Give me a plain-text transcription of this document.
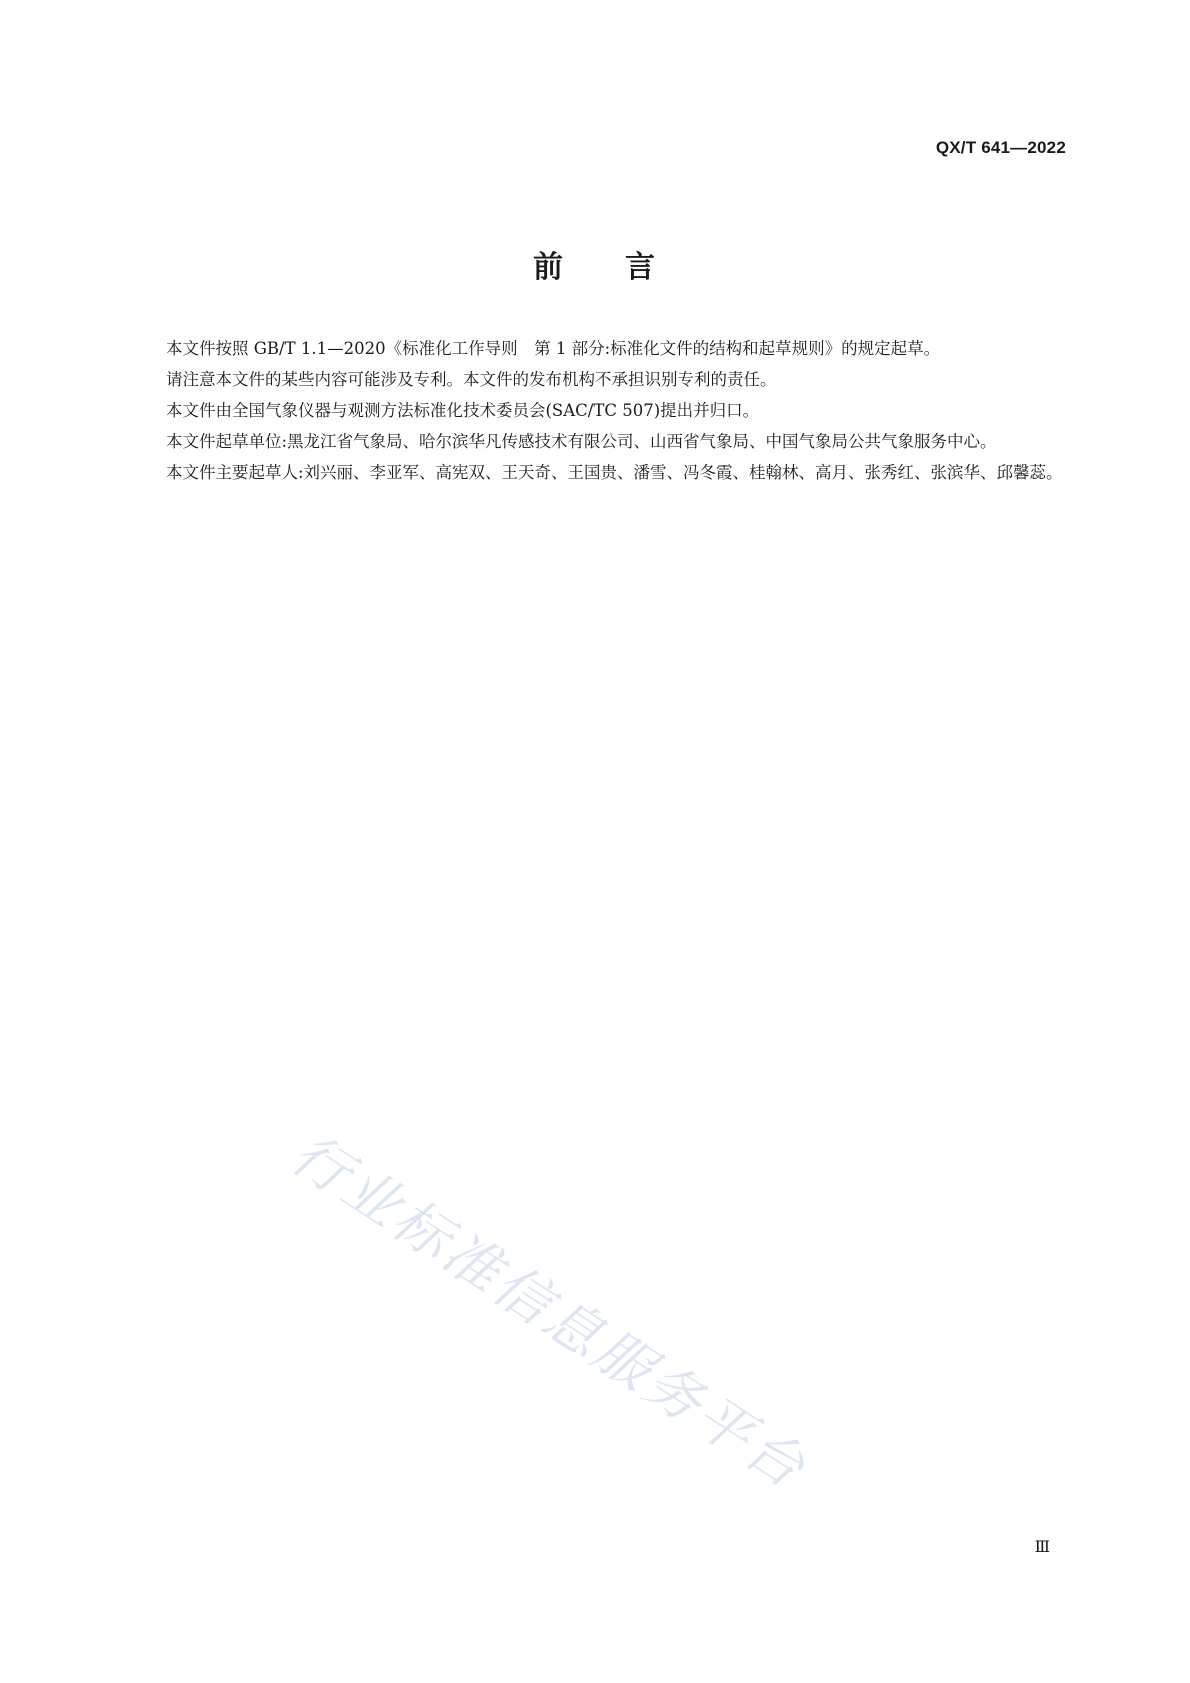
QX/T 641—2022
前 言

本文件按照 GB/T 1.1—2020《标准化工作导则　第 1 部分:标准化文件的结构和起草规则》的规定起草。

请注意本文件的某些内容可能涉及专利。本文件的发布机构不承担识别专利的责任。

本文件由全国气象仪器与观测方法标准化技术委员会(SAC/TC 507)提出并归口。

本文件起草单位:黑龙江省气象局、哈尔滨华凡传感技术有限公司、山西省气象局、中国气象局公共气象服务中心。

本文件主要起草人:刘兴丽、李亚军、高宪双、王天奇、王国贵、潘雪、冯冬霞、桂翰林、高月、张秀红、张滨华、邱馨蕊。

行业标准信息服务平台
Ⅲ
